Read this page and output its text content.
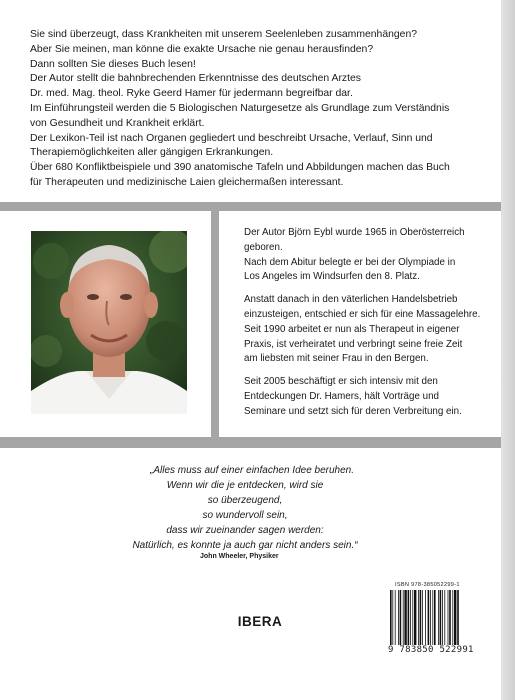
Sie sind überzeugt, dass Krankheiten mit unserem Seelenleben zusammenhängen?

Aber Sie meinen, man könne die exakte Ursache nie genau herausfinden?

Dann sollten Sie dieses Buch lesen!

Der Autor stellt die bahnbrechenden Erkenntnisse des deutschen Arztes

Dr. med. Mag. theol. Ryke Geerd Hamer für jedermann begreifbar dar.

Im Einführungsteil werden die 5 Biologischen Naturgesetze als Grundlage zum Verständnis

von Gesundheit und Krankheit erklärt.

Der Lexikon-Teil ist nach Organen gegliedert und beschreibt Ursache, Verlauf, Sinn und

Therapiemöglichkeiten aller gängigen Erkrankungen.

Über 680 Konfliktbeispiele und 390 anatomische Tafeln und Abbildungen machen das Buch

für Therapeuten und medizinische Laien gleichermaßen interessant.

Der Autor Björn Eybl wurde 1965 in Oberösterreich

geboren.

Nach dem Abitur belegte er bei der Olympiade in

Los Angeles im Windsurfen den 8. Platz.

Anstatt danach in den väterlichen Handelsbetrieb

einzusteigen, entschied er sich für eine Massagelehre.

Seit 1990 arbeitet er nun als Therapeut in eigener

Praxis, ist verheiratet und verbringt seine freie Zeit

am liebsten mit seiner Frau in den Bergen.

Seit 2005 beschäftigt er sich intensiv mit den

Entdeckungen Dr. Hamers, hält Vorträge und

Seminare und setzt sich für deren Verbreitung ein.

„Alles muss auf einer einfachen Idee beruhen.

Wenn wir die je entdecken, wird sie

so überzeugend,

so wundervoll sein,

dass wir zueinander sagen werden:

Natürlich, es konnte ja auch gar nicht anders sein.“

John Wheeler, Physiker
IBERA
ISBN 978-385052299-1
9 783850 522991
